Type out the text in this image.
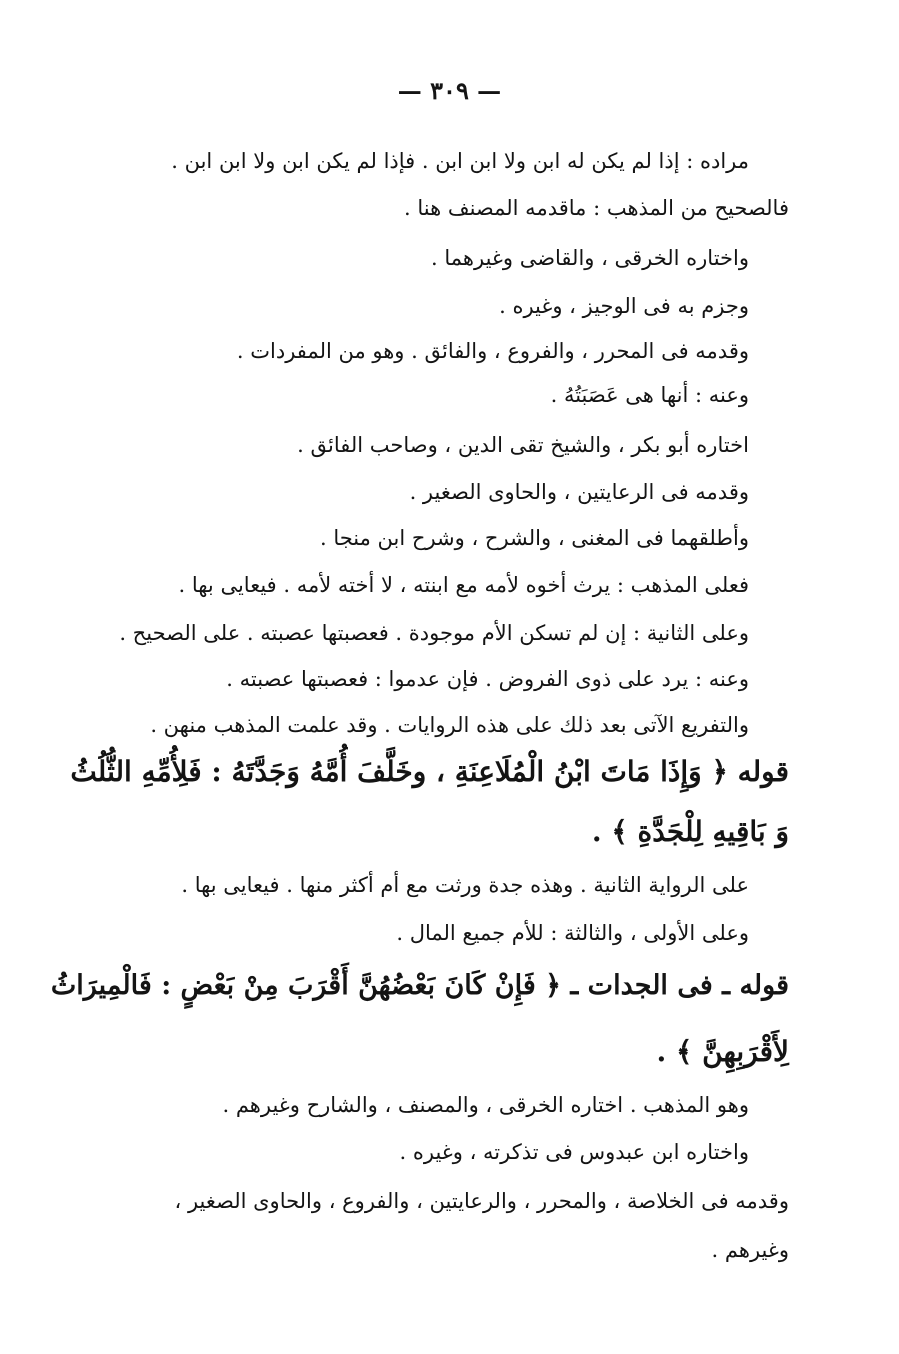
— ٣٠٩ —
مراده : إذا لم يكن له ابن ولا ابن ابن . فإذا لم يكن ابن ولا ابن ابن .
فالصحيح من المذهب : ماقدمه المصنف هنا .
واختاره الخرقى ، والقاضى وغيرهما .
وجزم به فى الوجيز ، وغيره .
وقدمه فى المحرر ، والفروع ، والفائق . وهو من المفردات .
وعنه : أنها هى عَصَبَتُهُ .
اختاره أبو بكر ، والشيخ تقى الدين ، وصاحب الفائق .
وقدمه فى الرعايتين ، والحاوى الصغير .
وأطلقهما فى المغنى ، والشرح ، وشرح ابن منجا .
فعلى المذهب : يرث أخوه لأمه مع ابنته ، لا أخته لأمه . فيعايى بها .
وعلى الثانية : إن لم تسكن الأم موجودة . فعصبتها عصبته . على الصحيح .
وعنه : يرد على ذوى الفروض . فإن عدموا : فعصبتها عصبته .
والتفريع الآتى بعد ذلك على هذه الروايات . وقد علمت المذهب منهن .
قوله ﴿ وَإِذَا مَاتَ ابْنُ الْمُلَاعِنَةِ ، وخَلَّفَ أُمَّهُ وَجَدَّتَهُ : فَلِأُمِّهِ الثُّلُثُ
وَ بَاقِيهِ لِلْجَدَّةِ ﴾ .
على الرواية الثانية . وهذه جدة ورثت مع أم أكثر منها . فيعايى بها .
وعلى الأولى ، والثالثة : للأم جميع المال .
قوله ـ فى الجدات ـ ﴿ فَإِنْ كَانَ بَعْضُهُنَّ أَقْرَبَ مِنْ بَعْضٍ : فَالْمِيرَاثُ
لِأَقْرَبِهِنَّ ﴾ .
وهو المذهب . اختاره الخرقى ، والمصنف ، والشارح وغيرهم .
واختاره ابن عبدوس فى تذكرته ، وغيره .
وقدمه فى الخلاصة ، والمحرر ، والرعايتين ، والفروع ، والحاوى الصغير ،
وغيرهم .
